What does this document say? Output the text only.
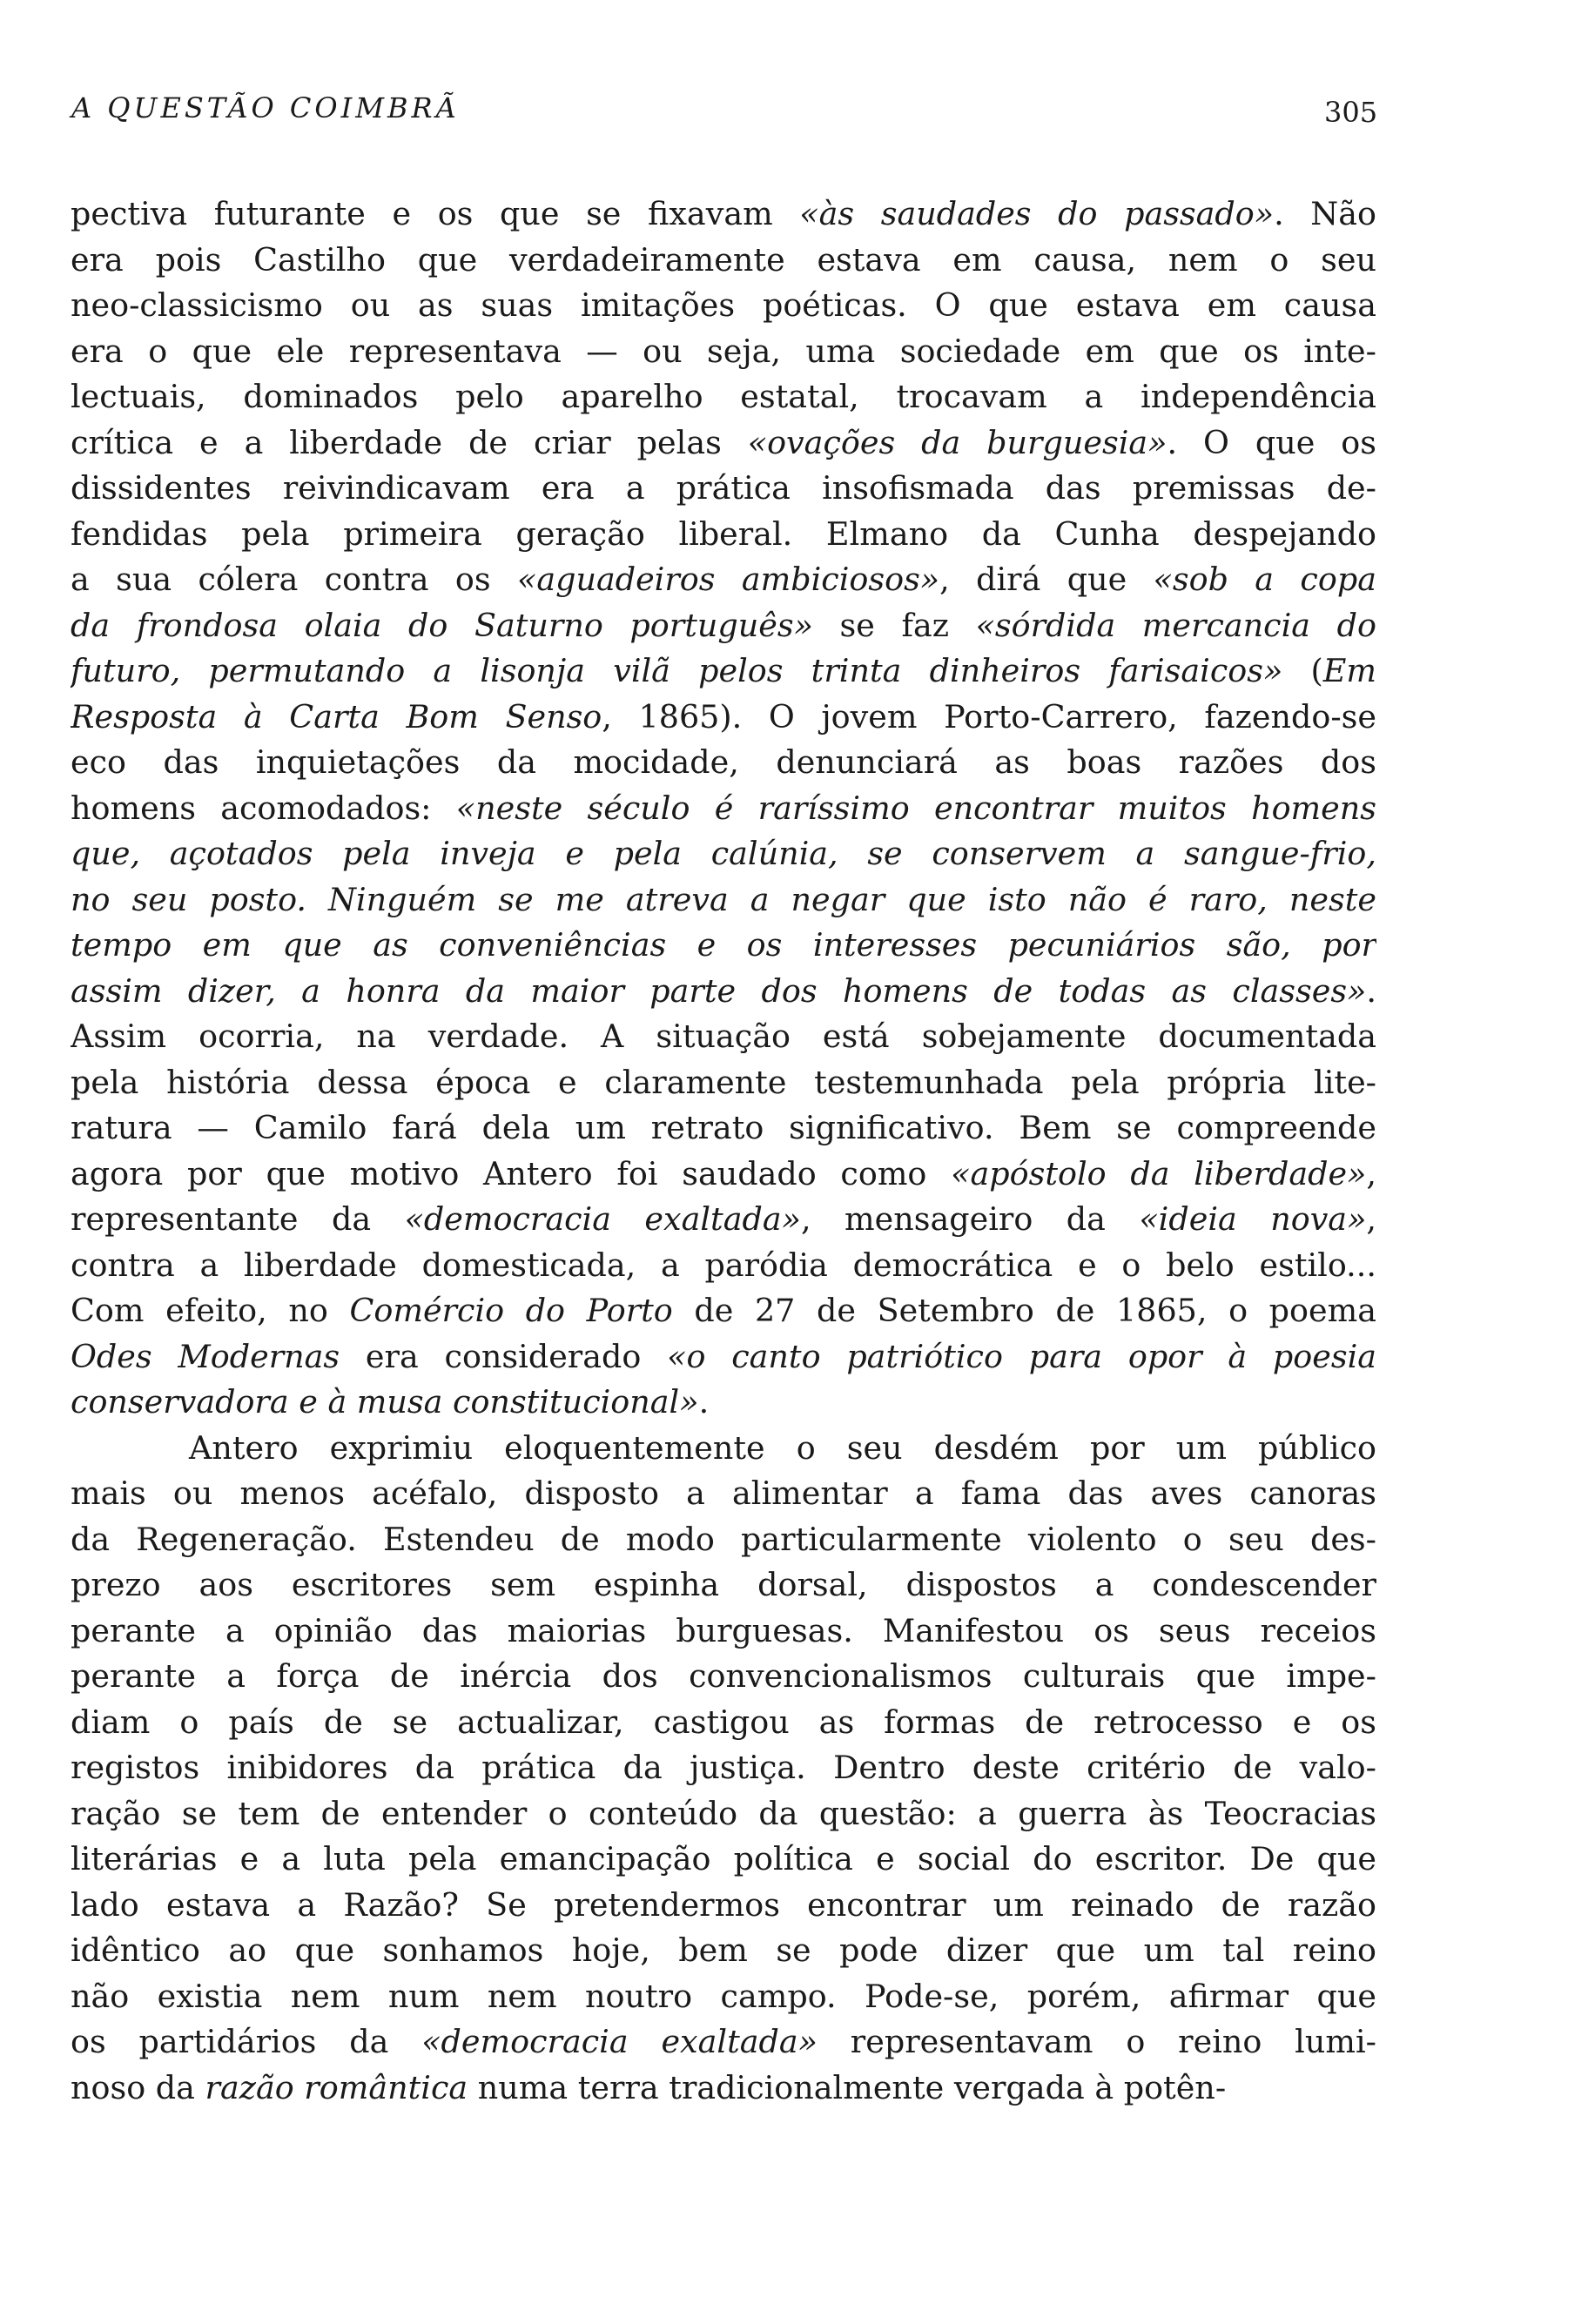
A QUESTÃO COIMBRÃ	305
pectiva futurante e os que se fixavam «às saudades do passado». Não
era pois Castilho que verdadeiramente estava em causa, nem o seu
neo-classicismo ou as suas imitações poéticas. O que estava em causa
era o que ele representava — ou seja, uma sociedade em que os inte-
lectuais, dominados pelo aparelho estatal, trocavam a independência
crítica e a liberdade de criar pelas «ovações da burguesia». O que os
dissidentes reivindicavam era a prática insofismada das premissas de-
fendidas pela primeira geração liberal. Elmano da Cunha despejando
a sua cólera contra os «aguadeiros ambiciosos», dirá que «sob a copa
da frondosa olaia do Saturno português» se faz «sórdida mercancia do
futuro, permutando a lisonja vilã pelos trinta dinheiros farisaicos» (Em
Resposta à Carta Bom Senso, 1865). O jovem Porto-Carrero, fazendo-se
eco das inquietações da mocidade, denunciará as boas razões dos
homens acomodados: «neste século é raríssimo encontrar muitos homens
que, açotados pela inveja e pela calúnia, se conservem a sangue-frio,
no seu posto. Ninguém se me atreva a negar que isto não é raro, neste
tempo em que as conveniências e os interesses pecuniários são, por
assim dizer, a honra da maior parte dos homens de todas as classes».
Assim ocorria, na verdade. A situação está sobejamente documentada
pela história dessa época e claramente testemunhada pela própria lite-
ratura — Camilo fará dela um retrato significativo. Bem se compreende
agora por que motivo Antero foi saudado como «apóstolo da liberdade»,
representante da «democracia exaltada», mensageiro da «ideia nova»,
contra a liberdade domesticada, a paródia democrática e o belo estilo...
Com efeito, no Comércio do Porto de 27 de Setembro de 1865, o poema
Odes Modernas era considerado «o canto patriótico para opor à poesia
conservadora e à musa constitucional».
Antero exprimiu eloquentemente o seu desdém por um público
mais ou menos acéfalo, disposto a alimentar a fama das aves canoras
da Regeneração. Estendeu de modo particularmente violento o seu des-
prezo aos escritores sem espinha dorsal, dispostos a condescender
perante a opinião das maiorias burguesas. Manifestou os seus receios
perante a força de inércia dos convencionalismos culturais que impe-
diam o país de se actualizar, castigou as formas de retrocesso e os
registos inibidores da prática da justiça. Dentro deste critério de valo-
ração se tem de entender o conteúdo da questão: a guerra às Teocracias
literárias e a luta pela emancipação política e social do escritor. De que
lado estava a Razão? Se pretendermos encontrar um reinado de razão
idêntico ao que sonhamos hoje, bem se pode dizer que um tal reino
não existia nem num nem noutro campo. Pode-se, porém, afirmar que
os partidários da «democracia exaltada» representavam o reino lumi-
noso da razão romântica numa terra tradicionalmente vergada à potên-
